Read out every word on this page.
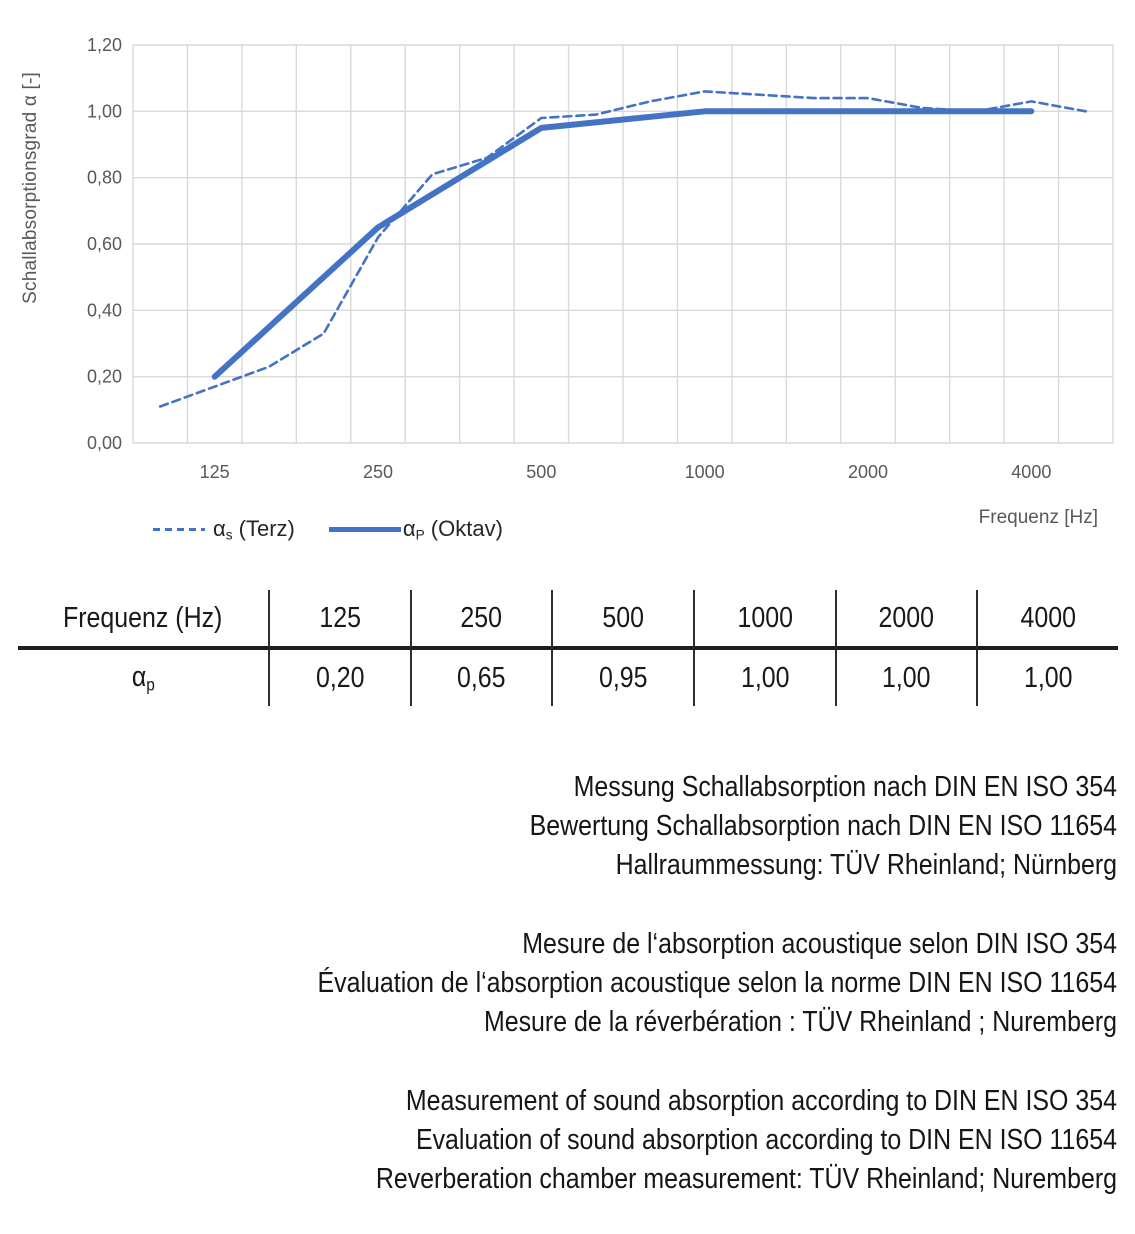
0,00
0,20
0,40
0,60
0,80
1,00
1,20
125	250	500	1000	2000	4000
Schallabsorptionsgrad α [-]
Frequenz [Hz]
$\alpha_s$ (Terz)	$\alpha_P$ (Oktav)
Frequenz (Hz)	125	250	500	1000	2000	4000
$\alpha_p$	0,20	0,65	0,95	1,00	1,00	1,00
Messung Schallabsorption nach DIN EN ISO 354
Bewertung Schallabsorption nach DIN EN ISO 11654
Hallraummessung: TÜV Rheinland; Nürnberg
Mesure de l‘absorption acoustique selon DIN ISO 354
Évaluation de l‘absorption acoustique selon la norme DIN EN ISO 11654
Mesure de la réverbération : TÜV Rheinland ; Nuremberg
Measurement of sound absorption according to DIN EN ISO 354
Evaluation of sound absorption according to DIN EN ISO 11654
Reverberation chamber measurement: TÜV Rheinland; Nuremberg
